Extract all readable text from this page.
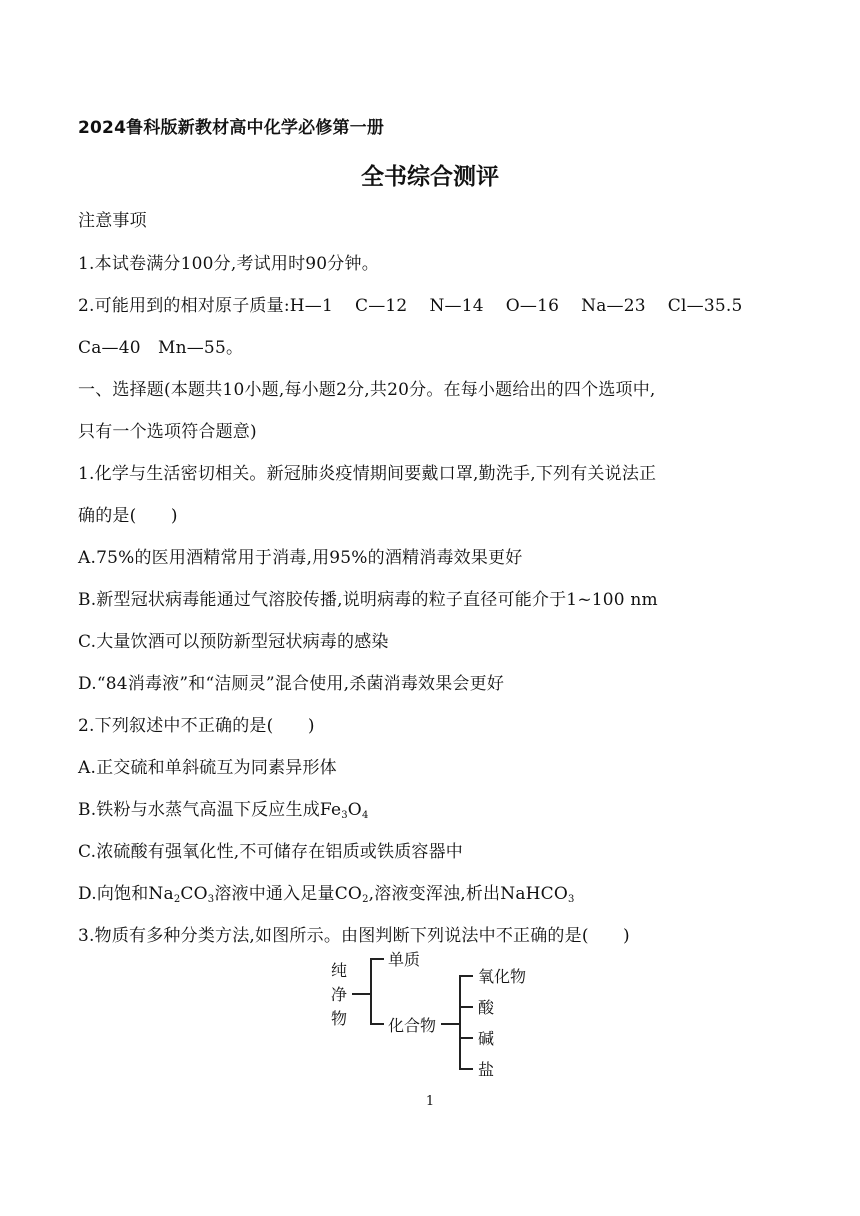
2024鲁科版新教材高中化学必修第一册
全书综合测评
注意事项
1.本试卷满分100分,考试用时90分钟。
2.可能用到的相对原子质量:H—1 C—12 N—14 O—16 Na—23 Cl—35.5
Ca—40　Mn—55。
一、选择题(本题共10小题,每小题2分,共20分。在每小题给出的四个选项中,
只有一个选项符合题意)
1.化学与生活密切相关。新冠肺炎疫情期间要戴口罩,勤洗手,下列有关说法正
确的是(　　)
A.75%的医用酒精常用于消毒,用95%的酒精消毒效果更好
B.新型冠状病毒能通过气溶胶传播,说明病毒的粒子直径可能介于1~100 nm
C.大量饮酒可以预防新型冠状病毒的感染
D.“84消毒液”和“洁厕灵”混合使用,杀菌消毒效果会更好
2.下列叙述中不正确的是(　　)
A.正交硫和单斜硫互为同素异形体
B.铁粉与水蒸气高温下反应生成$Fe_3O_4$
C.浓硫酸有强氧化性,不可储存在铝质或铁质容器中
D.向饱和$Na_2CO_3$溶液中通入足量$CO_2$,溶液变浑浊,析出NaHCO$_3$
3.物质有多种分类方法,如图所示。由图判断下列说法中不正确的是(　　)
纯
净
物
单质
化合物
氧化物
酸
碱
盐
1
